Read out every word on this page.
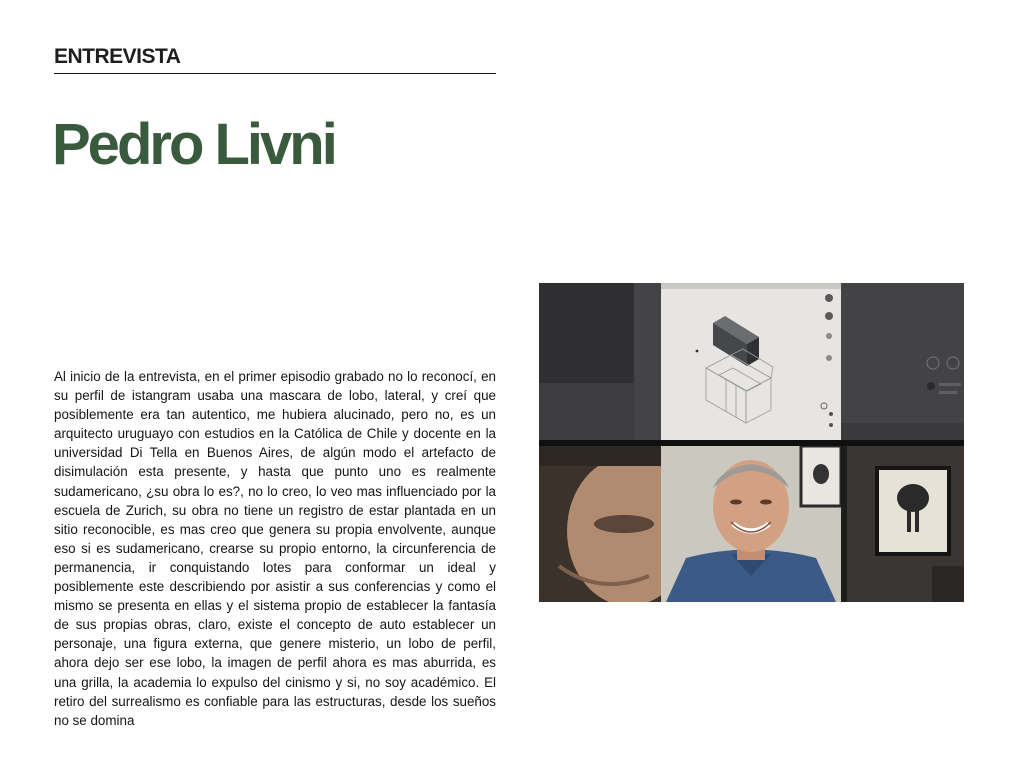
ENTREVISTA
Pedro Livni

Al inicio de la entrevista, en el primer episodio grabado no lo reconocí, en su perfil de istangram usaba una mascara de lobo, lateral, y creí que posiblemente era tan autentico, me hubiera alucinado, pero no, es un arquitecto uruguayo con estudios en la Católica de Chile y docente en la universidad Di Tella en Buenos Aires, de algún modo el artefacto de disimulación esta presente, y hasta que punto uno es realmente sudamericano, ¿su obra lo es?, no lo creo, lo veo mas influenciado por la escuela de Zurich, su obra no tiene un registro de estar plantada en un sitio reconocible, es mas creo que genera su propia envolvente, aunque eso si es sudamericano, crearse su propio entorno, la circunferencia de permanencia, ir conquistando lotes para conformar un ideal y posiblemente este describiendo por asistir a sus conferencias y como el mismo se presenta en ellas y el sistema propio de establecer la fantasía de sus propias obras, claro, existe el concepto de auto establecer un personaje, una figura externa, que genere misterio, un lobo de perfil, ahora dejo ser ese lobo, la imagen de perfil ahora es mas aburrida, es una grilla, la academia lo expulso del cinismo y si, no soy académico. El retiro del surrealismo es confiable para las estructuras, desde los sueños no se domina
